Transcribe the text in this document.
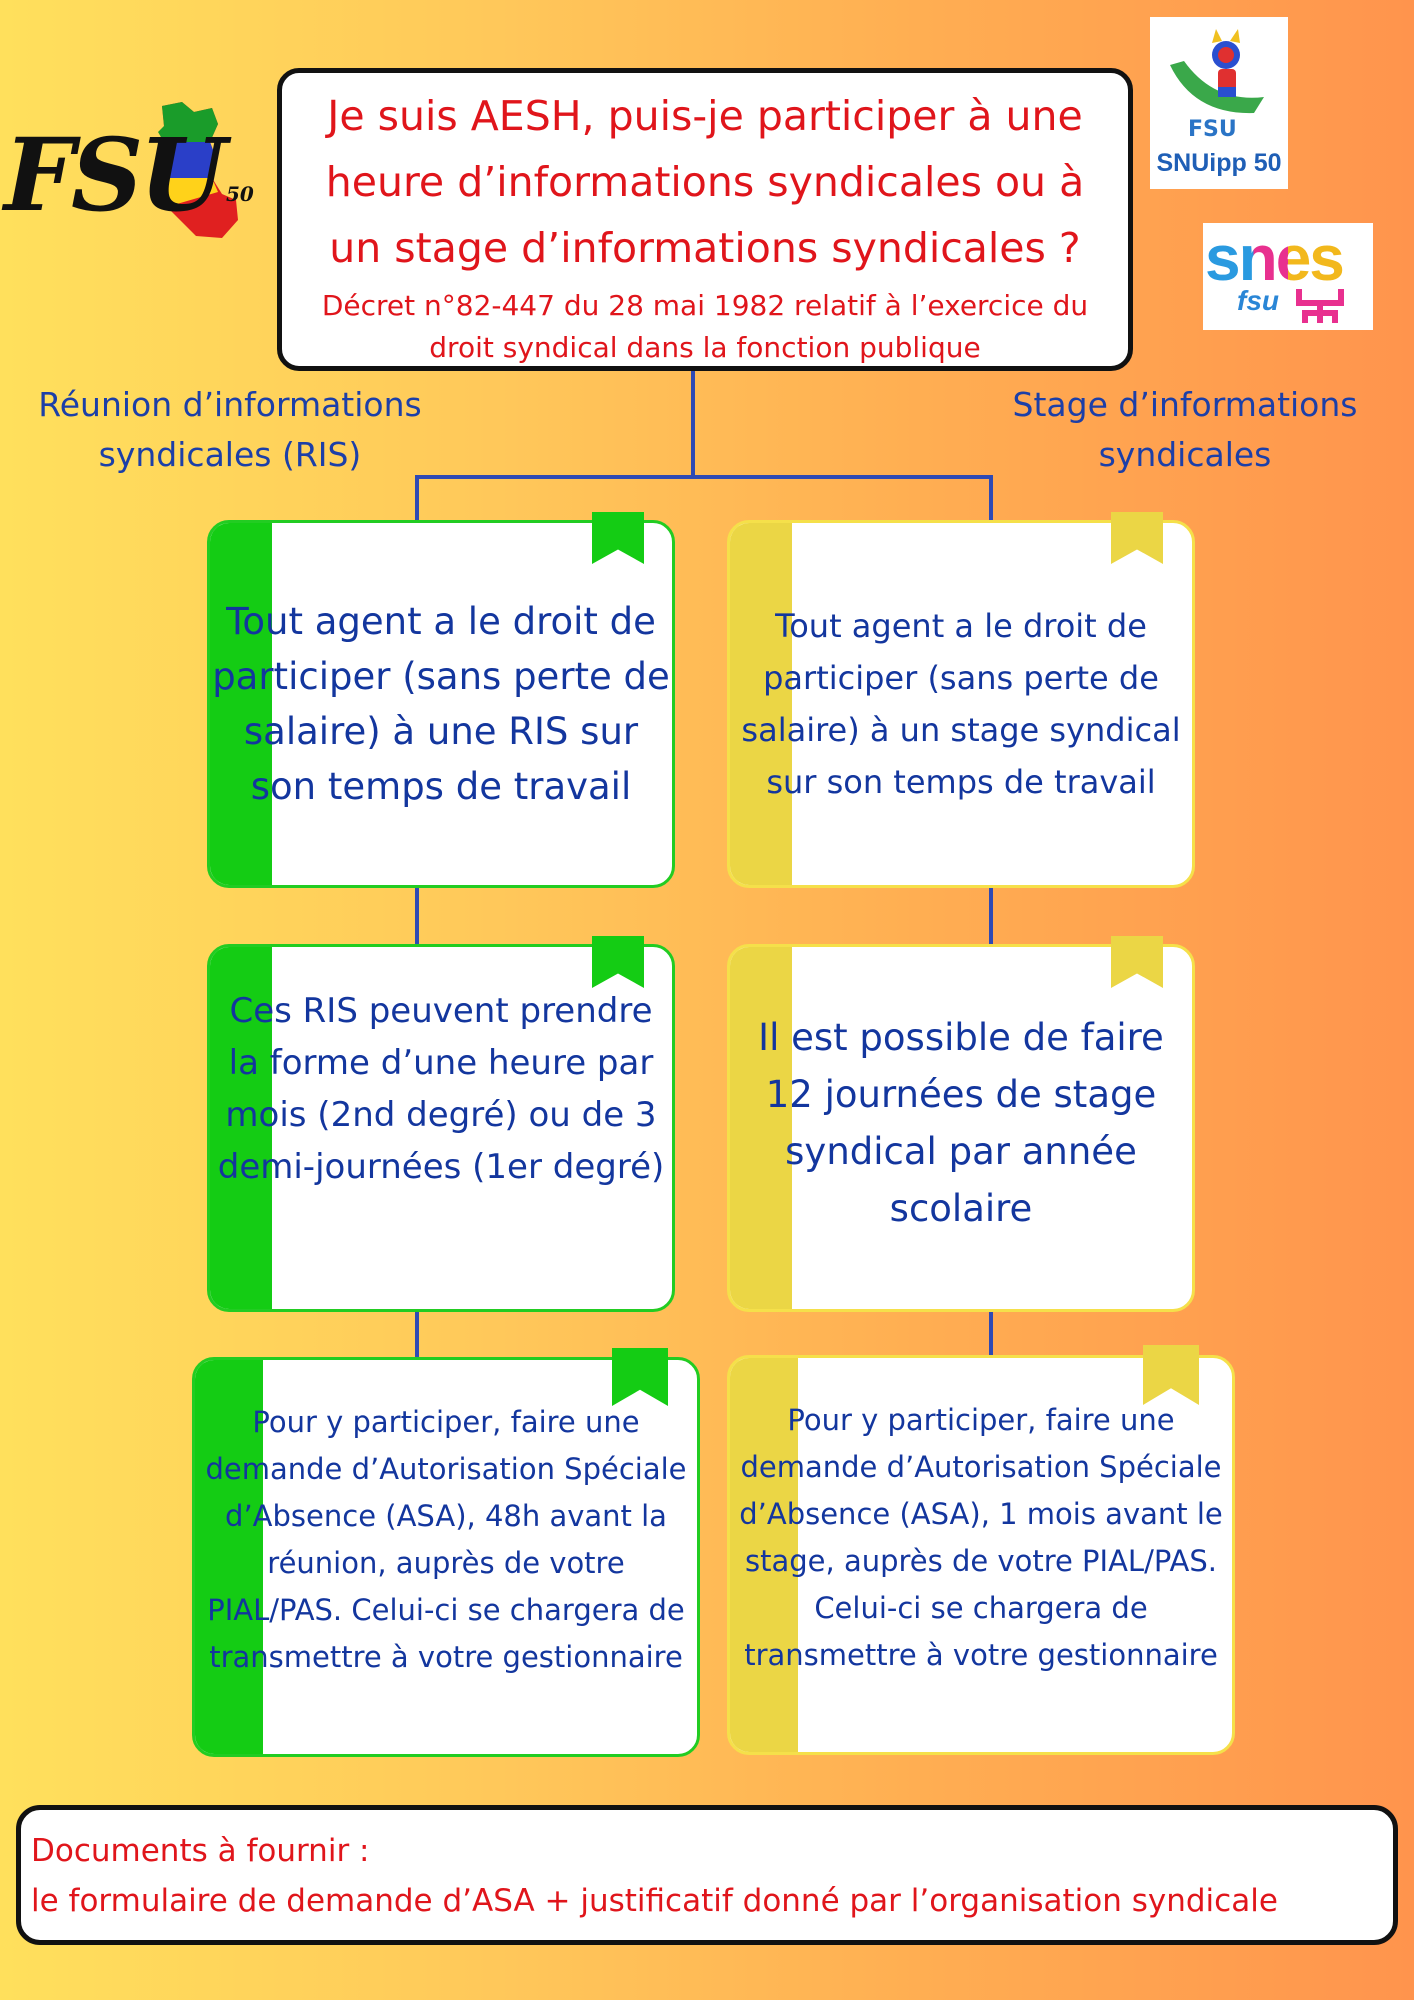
FSU 50
FSU
SNUipp 50
snes
fsu
Je suis AESH, puis-je participer à une heure d’informations syndicales ou à un stage d’informations syndicales ?
Décret n°82-447 du 28 mai 1982 relatif à l’exercice du droit syndical dans la fonction publique
Réunion d’informations syndicales (RIS)
Stage d’informations syndicales
Tout agent a le droit de participer (sans perte de salaire) à une RIS sur son temps de travail
Ces RIS peuvent prendre la forme d’une heure par mois (2nd degré) ou de 3 demi-journées (1er degré)
Pour y participer, faire une demande d’Autorisation Spéciale d’Absence (ASA), 48h avant la réunion, auprès de votre PIAL/PAS. Celui-ci se chargera de transmettre à votre gestionnaire
Tout agent a le droit de participer (sans perte de salaire) à un stage syndical sur son temps de travail
Il est possible de faire 12 journées de stage syndical par année scolaire
Pour y participer, faire une demande d’Autorisation Spéciale d’Absence (ASA), 1 mois avant le stage, auprès de votre PIAL/PAS. Celui-ci se chargera de transmettre à votre gestionnaire
Documents à fournir :
le formulaire de demande d’ASA + justificatif donné par l’organisation syndicale
